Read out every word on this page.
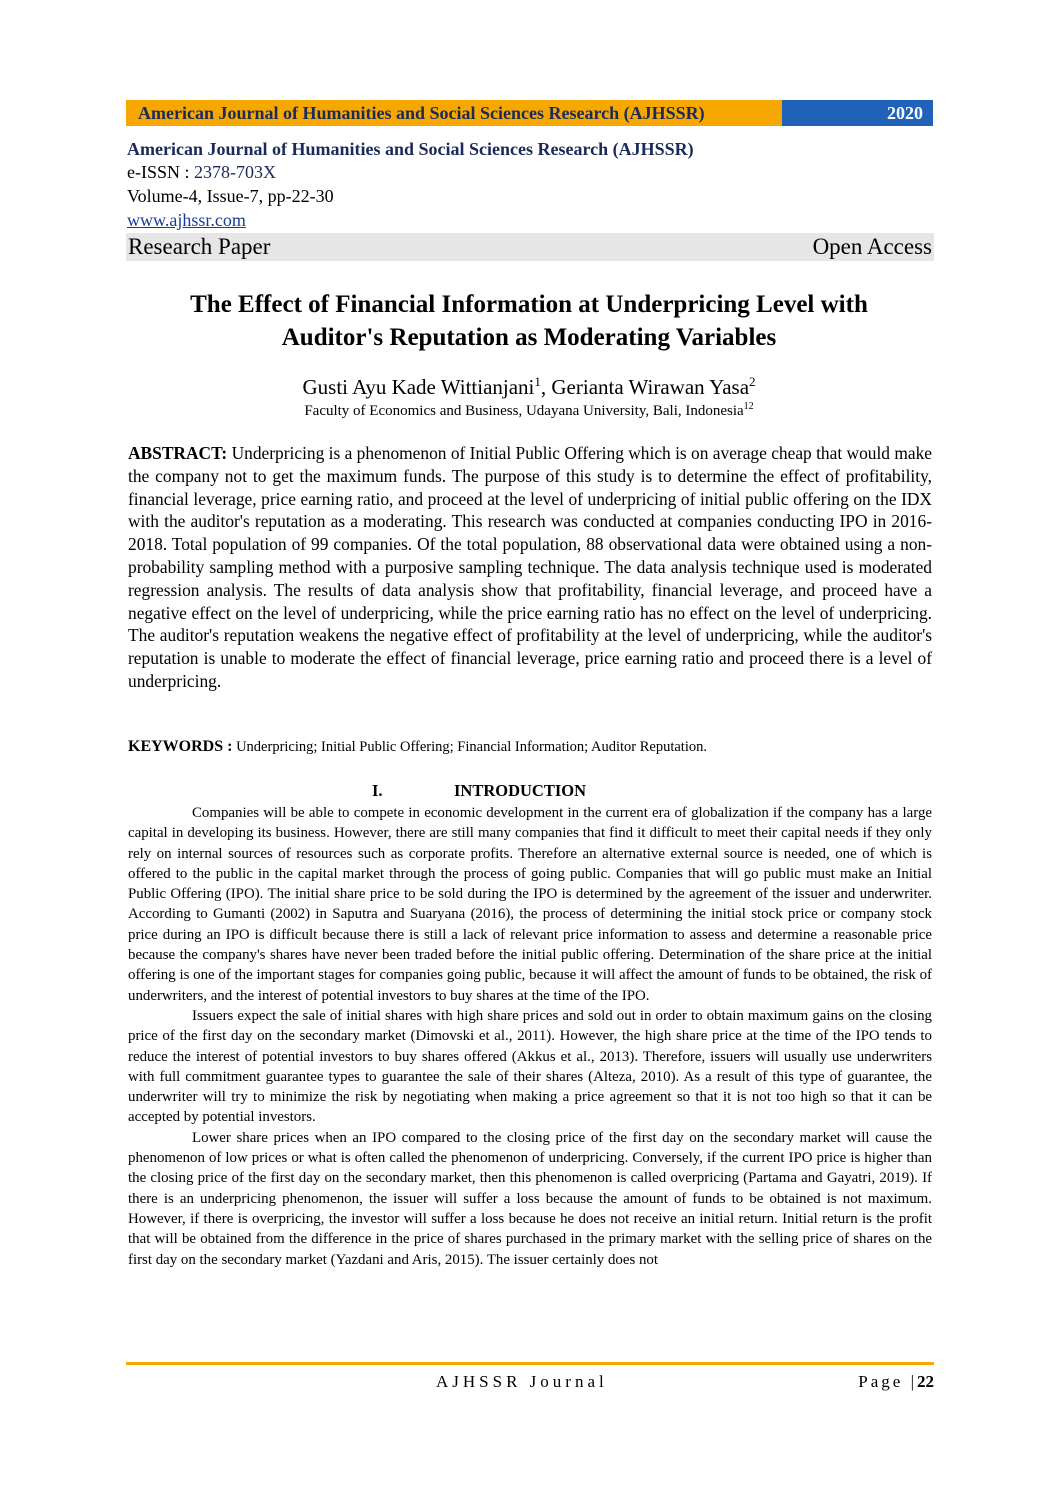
American Journal of Humanities and Social Sciences Research (AJHSSR)	2020
American Journal of Humanities and Social Sciences Research (AJHSSR)
e-ISSN : 2378-703X
Volume-4, Issue-7, pp-22-30
www.ajhssr.com
Research Paper	Open Access
The Effect of Financial Information at Underpricing Level with
Auditor's Reputation as Moderating Variables
Gusti Ayu Kade Wittianjani$^1$, Gerianta Wirawan Yasa$^2$
Faculty of Economics and Business, Udayana University, Bali, Indonesia$^{12}$
ABSTRACT: Underpricing is a phenomenon of Initial Public Offering which is on average cheap that would make the company not to get the maximum funds. The purpose of this study is to determine the effect of profitability, financial leverage, price earning ratio, and proceed at the level of underpricing of initial public offering on the IDX with the auditor's reputation as a moderating. This research was conducted at companies conducting IPO in 2016-2018. Total population of 99 companies. Of the total population, 88 observational data were obtained using a non-probability sampling method with a purposive sampling technique. The data analysis technique used is moderated regression analysis. The results of data analysis show that profitability, financial leverage, and proceed have a negative effect on the level of underpricing, while the price earning ratio has no effect on the level of underpricing. The auditor's reputation weakens the negative effect of profitability at the level of underpricing, while the auditor's reputation is unable to moderate the effect of financial leverage, price earning ratio and proceed there is a level of underpricing.
KEYWORDS : Underpricing; Initial Public Offering; Financial Information; Auditor Reputation.
I.	INTRODUCTION

Companies will be able to compete in economic development in the current era of globalization if the company has a large capital in developing its business. However, there are still many companies that find it difficult to meet their capital needs if they only rely on internal sources of resources such as corporate profits. Therefore an alternative external source is needed, one of which is offered to the public in the capital market through the process of going public. Companies that will go public must make an Initial Public Offering (IPO). The initial share price to be sold during the IPO is determined by the agreement of the issuer and underwriter. According to Gumanti (2002) in Saputra and Suaryana (2016), the process of determining the initial stock price or company stock price during an IPO is difficult because there is still a lack of relevant price information to assess and determine a reasonable price because the company's shares have never been traded before the initial public offering. Determination of the share price at the initial offering is one of the important stages for companies going public, because it will affect the amount of funds to be obtained, the risk of underwriters, and the interest of potential investors to buy shares at the time of the IPO.

Issuers expect the sale of initial shares with high share prices and sold out in order to obtain maximum gains on the closing price of the first day on the secondary market (Dimovski et al., 2011). However, the high share price at the time of the IPO tends to reduce the interest of potential investors to buy shares offered (Akkus et al., 2013). Therefore, issuers will usually use underwriters with full commitment guarantee types to guarantee the sale of their shares (Alteza, 2010). As a result of this type of guarantee, the underwriter will try to minimize the risk by negotiating when making a price agreement so that it is not too high so that it can be accepted by potential investors.

Lower share prices when an IPO compared to the closing price of the first day on the secondary market will cause the phenomenon of low prices or what is often called the phenomenon of underpricing. Conversely, if the current IPO price is higher than the closing price of the first day on the secondary market, then this phenomenon is called overpricing (Partama and Gayatri, 2019). If there is an underpricing phenomenon, the issuer will suffer a loss because the amount of funds to be obtained is not maximum. However, if there is overpricing, the investor will suffer a loss because he does not receive an initial return. Initial return is the profit that will be obtained from the difference in the price of shares purchased in the primary market with the selling price of shares on the first day on the secondary market (Yazdani and Aris, 2015). The issuer certainly does not

AJHSSR Journal	Page |22
